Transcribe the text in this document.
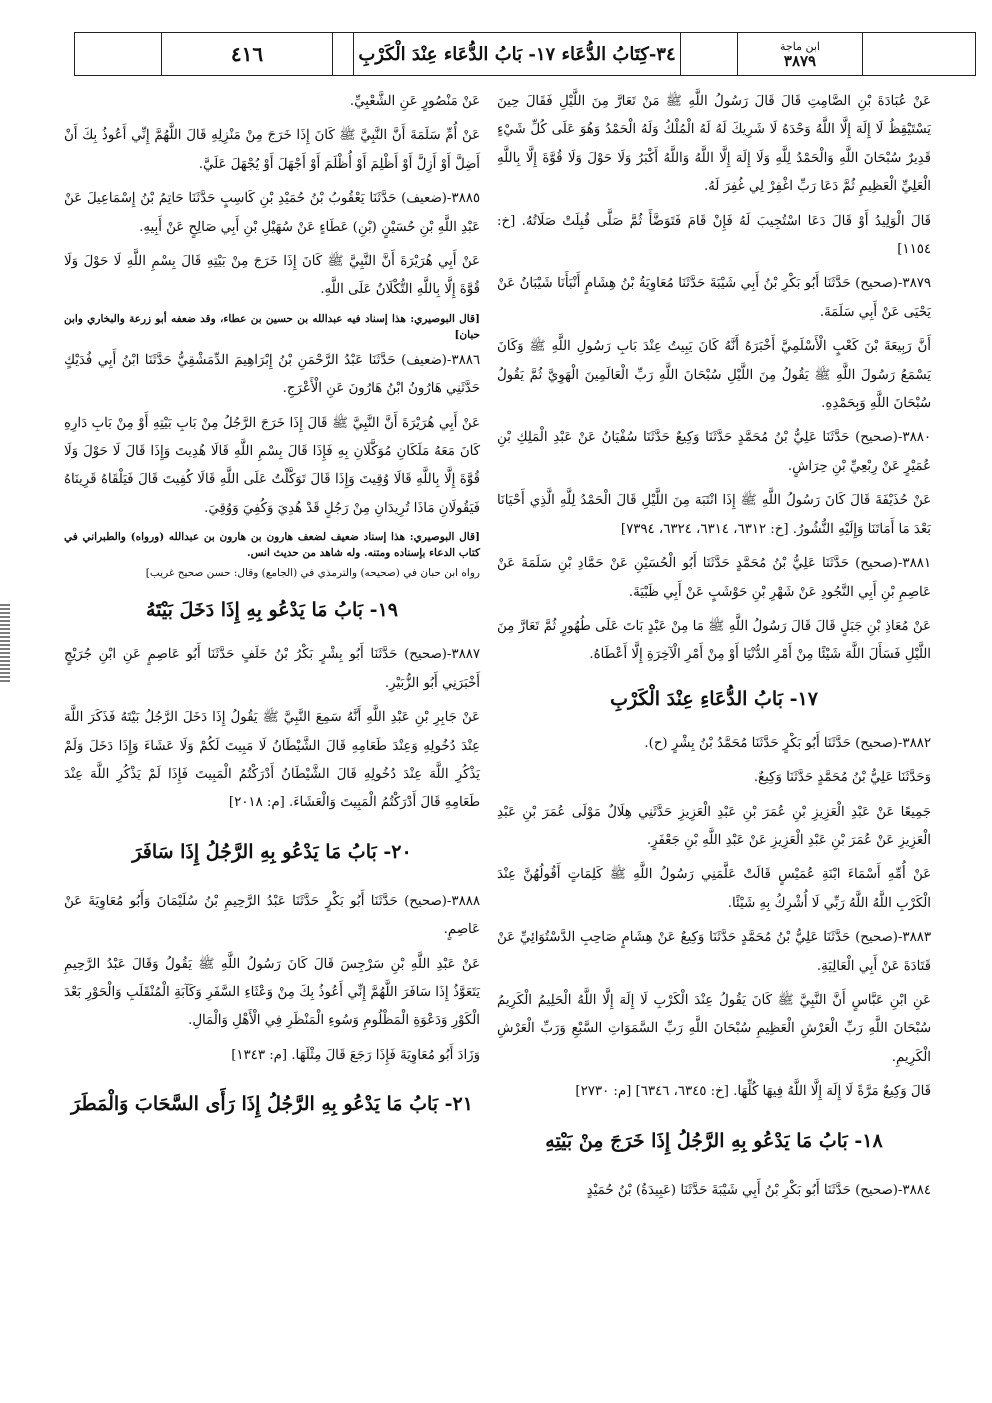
٤١٦	٣٤-كِتَابُ الدُّعَاء ١٧- بَابُ الدُّعَاء عِنْدَ الْكَرْبِ	ابن ماجة
٣٨٧٩

عَنْ عُبَادَةَ بْنِ الصَّامِتِ قَالَ قَالَ رَسُولُ اللَّهِ ﷺ مَنْ تَعَارَّ مِنَ اللَّيْلِ فَقَالَ حِينَ يَسْتَيْقِظُ لَا إِلَهَ إِلَّا اللَّهُ وَحْدَهُ لَا شَرِيكَ لَهُ لَهُ الْمُلْكُ وَلَهُ الْحَمْدُ وَهُوَ عَلَى كُلِّ شَيْءٍ قَدِيرٌ سُبْحَانَ اللَّهِ وَالْحَمْدُ لِلَّهِ وَلَا إِلَهَ إِلَّا اللَّهُ وَاللَّهُ أَكْبَرُ وَلَا حَوْلَ وَلَا قُوَّةَ إِلَّا بِاللَّهِ الْعَلِيِّ الْعَظِيمِ ثُمَّ دَعَا رَبِّ اغْفِرْ لِي غُفِرَ لَهُ.

قَالَ الْوَلِيدُ أَوْ قَالَ دَعَا اسْتُجِيبَ لَهُ فَإِنْ قَامَ فَتَوَضَّأَ ثُمَّ صَلَّى قُبِلَتْ صَلَاتُهُ. [خ: ١١٥٤]

٣٨٧٩-(صحيح) حَدَّثَنَا أَبُو بَكْرِ بْنُ أَبِي شَيْبَةَ حَدَّثَنَا مُعَاوِيَةُ بْنُ هِشَامٍ أَنْبَأَنَا شَيْبَانُ عَنْ يَحْيَى عَنْ أَبِي سَلَمَةَ.

أَنَّ رَبِيعَةَ بْنَ كَعْبٍ الْأَسْلَمِيَّ أَخْبَرَهُ أَنَّهُ كَانَ يَبِيتُ عِنْدَ بَابِ رَسُولِ اللَّهِ ﷺ وَكَانَ يَسْمَعُ رَسُولَ اللَّهِ ﷺ يَقُولُ مِنَ اللَّيْلِ سُبْحَانَ اللَّهِ رَبِّ الْعَالَمِينَ الْهَوِيَّ ثُمَّ يَقُولُ سُبْحَانَ اللَّهِ وَبِحَمْدِهِ.

٣٨٨٠-(صحيح) حَدَّثَنَا عَلِيُّ بْنُ مُحَمَّدٍ حَدَّثَنَا وَكِيعٌ حَدَّثَنَا سُفْيَانُ عَنْ عَبْدِ الْمَلِكِ بْنِ عُمَيْرٍ عَنْ رِبْعِيِّ بْنِ حِرَاشٍ.

عَنْ حُذَيْفَةَ قَالَ كَانَ رَسُولُ اللَّهِ ﷺ إِذَا انْتَبَهَ مِنَ اللَّيْلِ قَالَ الْحَمْدُ لِلَّهِ الَّذِي أَحْيَانَا بَعْدَ مَا أَمَاتَنَا وَإِلَيْهِ النُّشُورُ. [خ: ٦٣١٢، ٦٣١٤، ٦٣٢٤، ٧٣٩٤]

٣٨٨١-(صحيح) حَدَّثَنَا عَلِيُّ بْنُ مُحَمَّدٍ حَدَّثَنَا أَبُو الْحُسَيْنِ عَنْ حَمَّادِ بْنِ سَلَمَةَ عَنْ عَاصِمِ بْنِ أَبِي النَّجُودِ عَنْ شَهْرِ بْنِ حَوْشَبٍ عَنْ أَبِي ظَبْيَةَ.

عَنْ مُعَاذِ بْنِ جَبَلٍ قَالَ قَالَ رَسُولُ اللَّهِ ﷺ مَا مِنْ عَبْدٍ بَاتَ عَلَى طُهُورٍ ثُمَّ تَعَارَّ مِنَ اللَّيْلِ فَسَأَلَ اللَّهَ شَيْئًا مِنْ أَمْرِ الدُّنْيَا أَوْ مِنْ أَمْرِ الْآخِرَةِ إِلَّا أَعْطَاهُ.

١٧- بَابُ الدُّعَاءِ عِنْدَ الْكَرْبِ

٣٨٨٢-(صحيح) حَدَّثَنَا أَبُو بَكْرٍ حَدَّثَنَا مُحَمَّدُ بْنُ بِشْرٍ (ح).

وَحَدَّثَنَا عَلِيُّ بْنُ مُحَمَّدٍ حَدَّثَنَا وَكِيعٌ.

جَمِيعًا عَنْ عَبْدِ الْعَزِيزِ بْنِ عُمَرَ بْنِ عَبْدِ الْعَزِيزِ حَدَّثَنِي هِلَالٌ مَوْلَى عُمَرَ بْنِ عَبْدِ الْعَزِيزِ عَنْ عُمَرَ بْنِ عَبْدِ الْعَزِيزِ عَنْ عَبْدِ اللَّهِ بْنِ جَعْفَرٍ.

عَنْ أُمِّهِ أَسْمَاءَ ابْنَةِ عُمَيْسٍ قَالَتْ عَلَّمَنِي رَسُولُ اللَّهِ ﷺ كَلِمَاتٍ أَقُولُهُنَّ عِنْدَ الْكَرْبِ اللَّهُ اللَّهُ رَبِّي لَا أُشْرِكُ بِهِ شَيْئًا.

٣٨٨٣-(صحيح) حَدَّثَنَا عَلِيُّ بْنُ مُحَمَّدٍ حَدَّثَنَا وَكِيعٌ عَنْ هِشَامٍ صَاحِبِ الدَّسْتُوَائِيِّ عَنْ قَتَادَةَ عَنْ أَبِي الْعَالِيَةِ.

عَنِ ابْنِ عَبَّاسٍ أَنَّ النَّبِيَّ ﷺ كَانَ يَقُولُ عِنْدَ الْكَرْبِ لَا إِلَهَ إِلَّا اللَّهُ الْحَلِيمُ الْكَرِيمُ سُبْحَانَ اللَّهِ رَبِّ الْعَرْشِ الْعَظِيمِ سُبْحَانَ اللَّهِ رَبِّ السَّمَوَاتِ السَّبْعِ وَرَبِّ الْعَرْشِ الْكَرِيمِ.

قَالَ وَكِيعٌ مَرَّةً لَا إِلَهَ إِلَّا اللَّهُ فِيهَا كُلِّهَا. [خ: ٦٣٤٥، ٦٣٤٦] [م: ٢٧٣٠]

١٨- بَابُ مَا يَدْعُو بِهِ الرَّجُلُ إِذَا خَرَجَ مِنْ بَيْتِهِ

٣٨٨٤-(صحيح) حَدَّثَنَا أَبُو بَكْرِ بْنُ أَبِي شَيْبَةَ حَدَّثَنَا (عَبِيدَةُ) بْنُ حُمَيْدٍ

عَنْ مَنْصُورٍ عَنِ الشَّعْبِيِّ.

عَنْ أُمِّ سَلَمَةَ أَنَّ النَّبِيَّ ﷺ كَانَ إِذَا خَرَجَ مِنْ مَنْزِلِهِ قَالَ اللَّهُمَّ إِنِّي أَعُوذُ بِكَ أَنْ أَضِلَّ أَوْ أَزِلَّ أَوْ أَظْلِمَ أَوْ أُظْلَمَ أَوْ أَجْهَلَ أَوْ يُجْهَلَ عَلَيَّ.

٣٨٨٥-(ضعيف) حَدَّثَنَا يَعْقُوبُ بْنُ حُمَيْدِ بْنِ كَاسِبٍ حَدَّثَنَا حَاتِمُ بْنُ إِسْمَاعِيلَ عَنْ عَبْدِ اللَّهِ بْنِ حُسَيْنٍ (بْنِ) عَطَاءٍ عَنْ سُهَيْلِ بْنِ أَبِي صَالِحٍ عَنْ أَبِيهِ.

عَنْ أَبِي هُرَيْرَةَ أَنَّ النَّبِيَّ ﷺ كَانَ إِذَا خَرَجَ مِنْ بَيْتِهِ قَالَ بِسْمِ اللَّهِ لَا حَوْلَ وَلَا قُوَّةَ إِلَّا بِاللَّهِ التُّكْلَانُ عَلَى اللَّهِ.

[قال البوصيري: هذا إسناد فيه عبدالله بن حسين بن عطاء، وقد ضعفه أبو زرعة والبخاري وابن حبان]

٣٨٨٦-(ضعيف) حَدَّثَنَا عَبْدُ الرَّحْمَنِ بْنُ إِبْرَاهِيمَ الدِّمَشْقِيُّ حَدَّثَنَا ابْنُ أَبِي فُدَيْكٍ حَدَّثَنِي هَارُونُ ابْنُ هَارُونَ عَنِ الْأَعْرَجِ.

عَنْ أَبِي هُرَيْرَةَ أَنَّ النَّبِيَّ ﷺ قَالَ إِذَا خَرَجَ الرَّجُلُ مِنْ بَابِ بَيْتِهِ أَوْ مِنْ بَابِ دَارِهِ كَانَ مَعَهُ مَلَكَانِ مُوَكَّلَانِ بِهِ فَإِذَا قَالَ بِسْمِ اللَّهِ قَالَا هُدِيتَ وَإِذَا قَالَ لَا حَوْلَ وَلَا قُوَّةَ إِلَّا بِاللَّهِ قَالَا وُقِيتَ وَإِذَا قَالَ تَوَكَّلْتُ عَلَى اللَّهِ قَالَا كُفِيتَ قَالَ فَيَلْقَاهُ قَرِينَاهُ فَيَقُولَانِ مَاذَا تُرِيدَانِ مِنْ رَجُلٍ قَدْ هُدِيَ وَكُفِيَ وَوُقِيَ.

[قال البوصيري: هذا إسناد ضعيف لضعف هارون بن هارون بن عبدالله (ورواه) والطبراني في كتاب الدعاء بإسناده ومتنه. وله شاهد من حديث انس.

رواه ابن حبان في (صحيحه) والترمذي في (الجامع) وقال: حسن صحيح غريب]

١٩- بَابُ مَا يَدْعُو بِهِ إِذَا دَخَلَ بَيْتَهُ

٣٨٨٧-(صحيح) حَدَّثَنَا أَبُو بِشْرٍ بَكْرُ بْنُ خَلَفٍ حَدَّثَنَا أَبُو عَاصِمٍ عَنِ ابْنِ جُرَيْجٍ أَخْبَرَنِي أَبُو الزُّبَيْرِ.

عَنْ جَابِرِ بْنِ عَبْدِ اللَّهِ أَنَّهُ سَمِعَ النَّبِيَّ ﷺ يَقُولُ إِذَا دَخَلَ الرَّجُلُ بَيْتَهُ فَذَكَرَ اللَّهَ عِنْدَ دُخُولِهِ وَعِنْدَ طَعَامِهِ قَالَ الشَّيْطَانُ لَا مَبِيتَ لَكُمْ وَلَا عَشَاءَ وَإِذَا دَخَلَ وَلَمْ يَذْكُرِ اللَّهَ عِنْدَ دُخُولِهِ قَالَ الشَّيْطَانُ أَدْرَكْتُمُ الْمَبِيتَ فَإِذَا لَمْ يَذْكُرِ اللَّهَ عِنْدَ طَعَامِهِ قَالَ أَدْرَكْتُمُ الْمَبِيتَ وَالْعَشَاءَ. [م: ٢٠١٨]

٢٠- بَابُ مَا يَدْعُو بِهِ الرَّجُلُ إِذَا سَافَرَ

٣٨٨٨-(صحيح) حَدَّثَنَا أَبُو بَكْرٍ حَدَّثَنَا عَبْدُ الرَّحِيمِ بْنُ سُلَيْمَانَ وَأَبُو مُعَاوِيَةَ عَنْ عَاصِمٍ.

عَنْ عَبْدِ اللَّهِ بْنِ سَرْجِسَ قَالَ كَانَ رَسُولُ اللَّهِ ﷺ يَقُولُ وَقَالَ عَبْدُ الرَّحِيمِ يَتَعَوَّذُ إِذَا سَافَرَ اللَّهُمَّ إِنِّي أَعُوذُ بِكَ مِنْ وَعْثَاءِ السَّفَرِ وَكَآبَةِ الْمُنْقَلَبِ وَالْحَوْرِ بَعْدَ الْكَوْرِ وَدَعْوَةِ الْمَظْلُومِ وَسُوءِ الْمَنْظَرِ فِي الْأَهْلِ وَالْمَالِ.

وَزَادَ أَبُو مُعَاوِيَةَ فَإِذَا رَجَعَ قَالَ مِثْلَهَا. [م: ١٣٤٣]

٢١- بَابُ مَا يَدْعُو بِهِ الرَّجُلُ إِذَا رَأَى السَّحَابَ وَالْمَطَرَ
